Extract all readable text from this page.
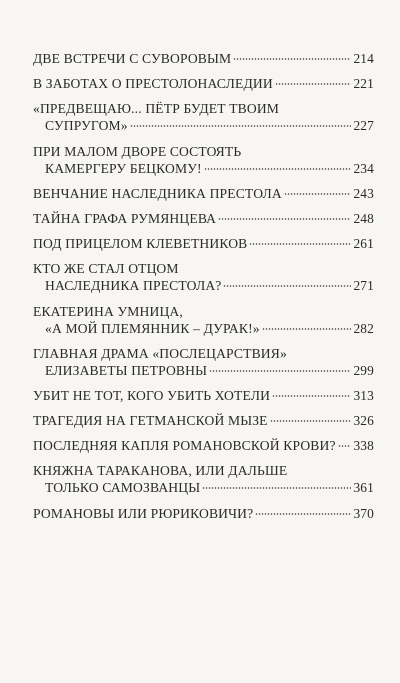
ДВЕ ВСТРЕЧИ С СУВОРОВЫМ	214
В ЗАБОТАХ О ПРЕСТОЛОНАСЛЕДИИ	221
«ПРЕДВЕЩАЮ... ПЁТР БУДЕТ ТВОИМ
СУПРУГОМ»	227
ПРИ МАЛОМ ДВОРЕ СОСТОЯТЬ
КАМЕРГЕРУ БЕЦКОМУ!	234
ВЕНЧАНИЕ НАСЛЕДНИКА ПРЕСТОЛА	243
ТАЙНА ГРАФА РУМЯНЦЕВА	248
ПОД ПРИЦЕЛОМ КЛЕВЕТНИКОВ	261
КТО ЖЕ СТАЛ ОТЦОМ
НАСЛЕДНИКА ПРЕСТОЛА?	271
ЕКАТЕРИНА УМНИЦА,
«А МОЙ ПЛЕМЯННИК – ДУРАК!»	282
ГЛАВНАЯ ДРАМА «ПОСЛЕЦАРСТВИЯ»
ЕЛИЗАВЕТЫ ПЕТРОВНЫ	299
УБИТ НЕ ТОТ, КОГО УБИТЬ ХОТЕЛИ	313
ТРАГЕДИЯ НА ГЕТМАНСКОЙ МЫЗЕ	326
ПОСЛЕДНЯЯ КАПЛЯ РОМАНОВСКОЙ КРОВИ? 338
КНЯЖНА ТАРАКАНОВА, ИЛИ ДАЛЬШЕ
ТОЛЬКО САМОЗВАНЦЫ	361
РОМАНОВЫ ИЛИ РЮРИКОВИЧИ?	370
